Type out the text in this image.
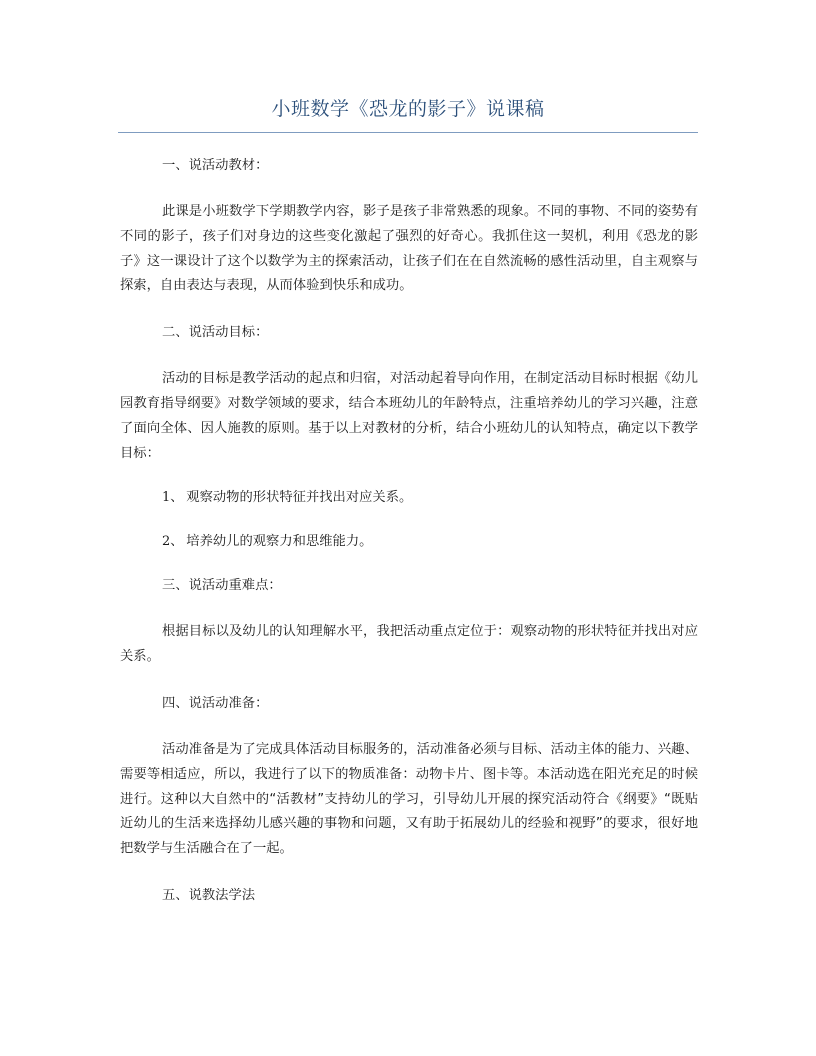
小班数学《恐龙的影子》说课稿
一、说活动教材：

此课是小班数学下学期教学内容，影子是孩子非常熟悉的现象。不同的事物、不同的姿势有不同的影子，孩子们对身边的这些变化激起了强烈的好奇心。我抓住这一契机，利用《恐龙的影子》这一课设计了这个以数学为主的探索活动，让孩子们在在自然流畅的感性活动里，自主观察与探索，自由表达与表现，从而体验到快乐和成功。

二、说活动目标：

活动的目标是教学活动的起点和归宿，对活动起着导向作用，在制定活动目标时根据《幼儿园教育指导纲要》对数学领域的要求，结合本班幼儿的年龄特点，注重培养幼儿的学习兴趣，注意了面向全体、因人施教的原则。基于以上对教材的分析，结合小班幼儿的认知特点，确定以下教学目标：

1、 观察动物的形状特征并找出对应关系。
2、 培养幼儿的观察力和思维能力。
三、说活动重难点：

根据目标以及幼儿的认知理解水平，我把活动重点定位于：观察动物的形状特征并找出对应关系。

四、说活动准备：

活动准备是为了完成具体活动目标服务的，活动准备必须与目标、活动主体的能力、兴趣、需要等相适应，所以，我进行了以下的物质准备：动物卡片、图卡等。本活动选在阳光充足的时候进行。这种以大自然中的“活教材”支持幼儿的学习，引导幼儿开展的探究活动符合《纲要》“既贴近幼儿的生活来选择幼儿感兴趣的事物和问题，又有助于拓展幼儿的经验和视野”的要求，很好地把数学与生活融合在了一起。

五、说教法学法
